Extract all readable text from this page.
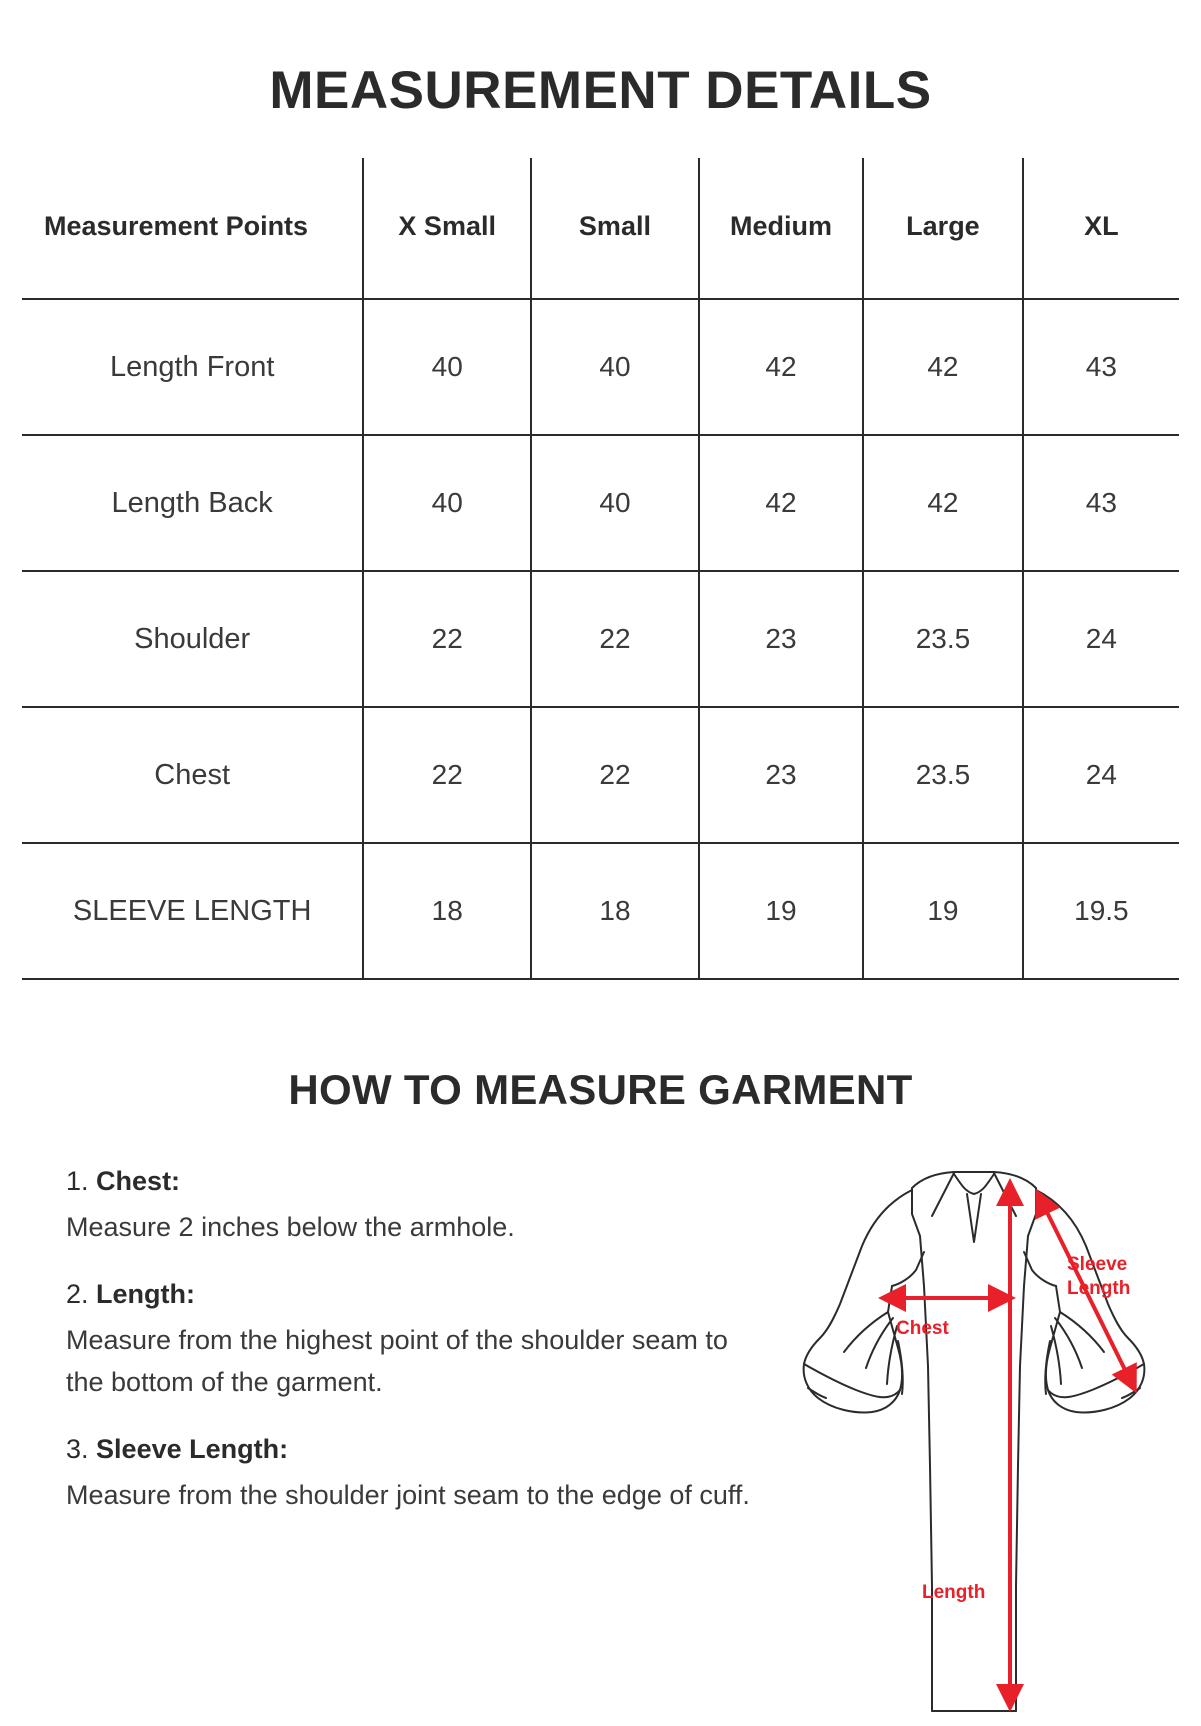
MEASUREMENT DETAILS
Measurement Points	X Small	Small	Medium	Large	XL
Length Front	40	40	42	42	43
Length Back	40	40	42	42	43
Shoulder	22	22	23	23.5	24
Chest	22	22	23	23.5	24
SLEEVE LENGTH	18	18	19	19	19.5
HOW TO MEASURE GARMENT
1. Chest:
Measure 2 inches below the armhole.
2. Length:
Measure from the highest point of the shoulder seam to the bottom of the garment.
3. Sleeve Length:
Measure from the shoulder joint seam to the edge of cuff.
Chest
Sleeve
Length
Length
